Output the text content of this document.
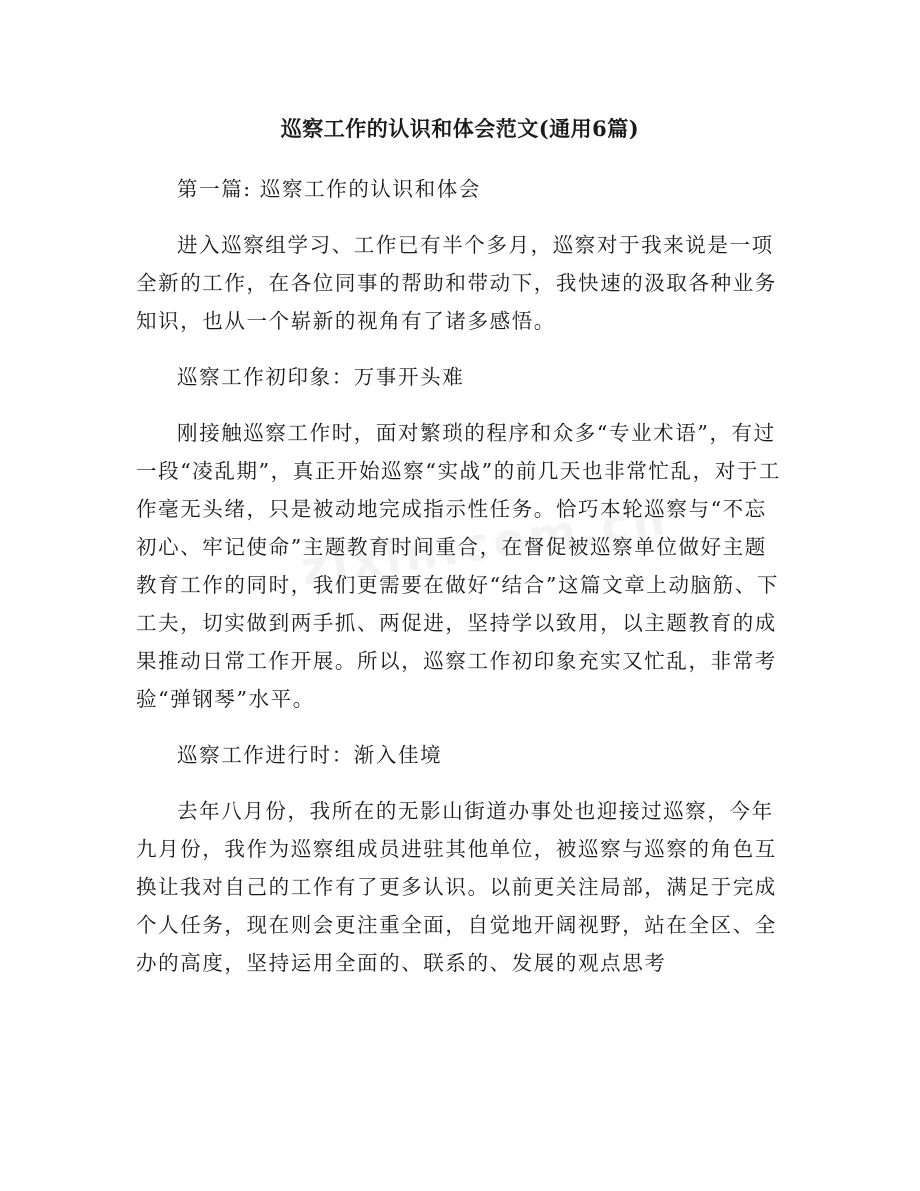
巡察工作的认识和体会范文(通用6篇)

第一篇: 巡察工作的认识和体会

进入巡察组学习、工作已有半个多月，巡察对于我来说是一项全新的工作，在各位同事的帮助和带动下，我快速的汲取各种业务知识，也从一个崭新的视角有了诸多感悟。

巡察工作初印象：万事开头难

刚接触巡察工作时，面对繁琐的程序和众多“专业术语”，有过一段“凌乱期”，真正开始巡察“实战”的前几天也非常忙乱，对于工作毫无头绪，只是被动地完成指示性任务。恰巧本轮巡察与“不忘初心、牢记使命”主题教育时间重合，在督促被巡察单位做好主题教育工作的同时，我们更需要在做好“结合”这篇文章上动脑筋、下工夫，切实做到两手抓、两促进，坚持学以致用，以主题教育的成果推动日常工作开展。所以，巡察工作初印象充实又忙乱，非常考验“弹钢琴”水平。

巡察工作进行时：渐入佳境

去年八月份，我所在的无影山街道办事处也迎接过巡察，今年九月份，我作为巡察组成员进驻其他单位，被巡察与巡察的角色互换让我对自己的工作有了更多认识。以前更关注局部，满足于完成个人任务，现在则会更注重全面，自觉地开阔视野，站在全区、全办的高度，坚持运用全面的、联系的、发展的观点思考
